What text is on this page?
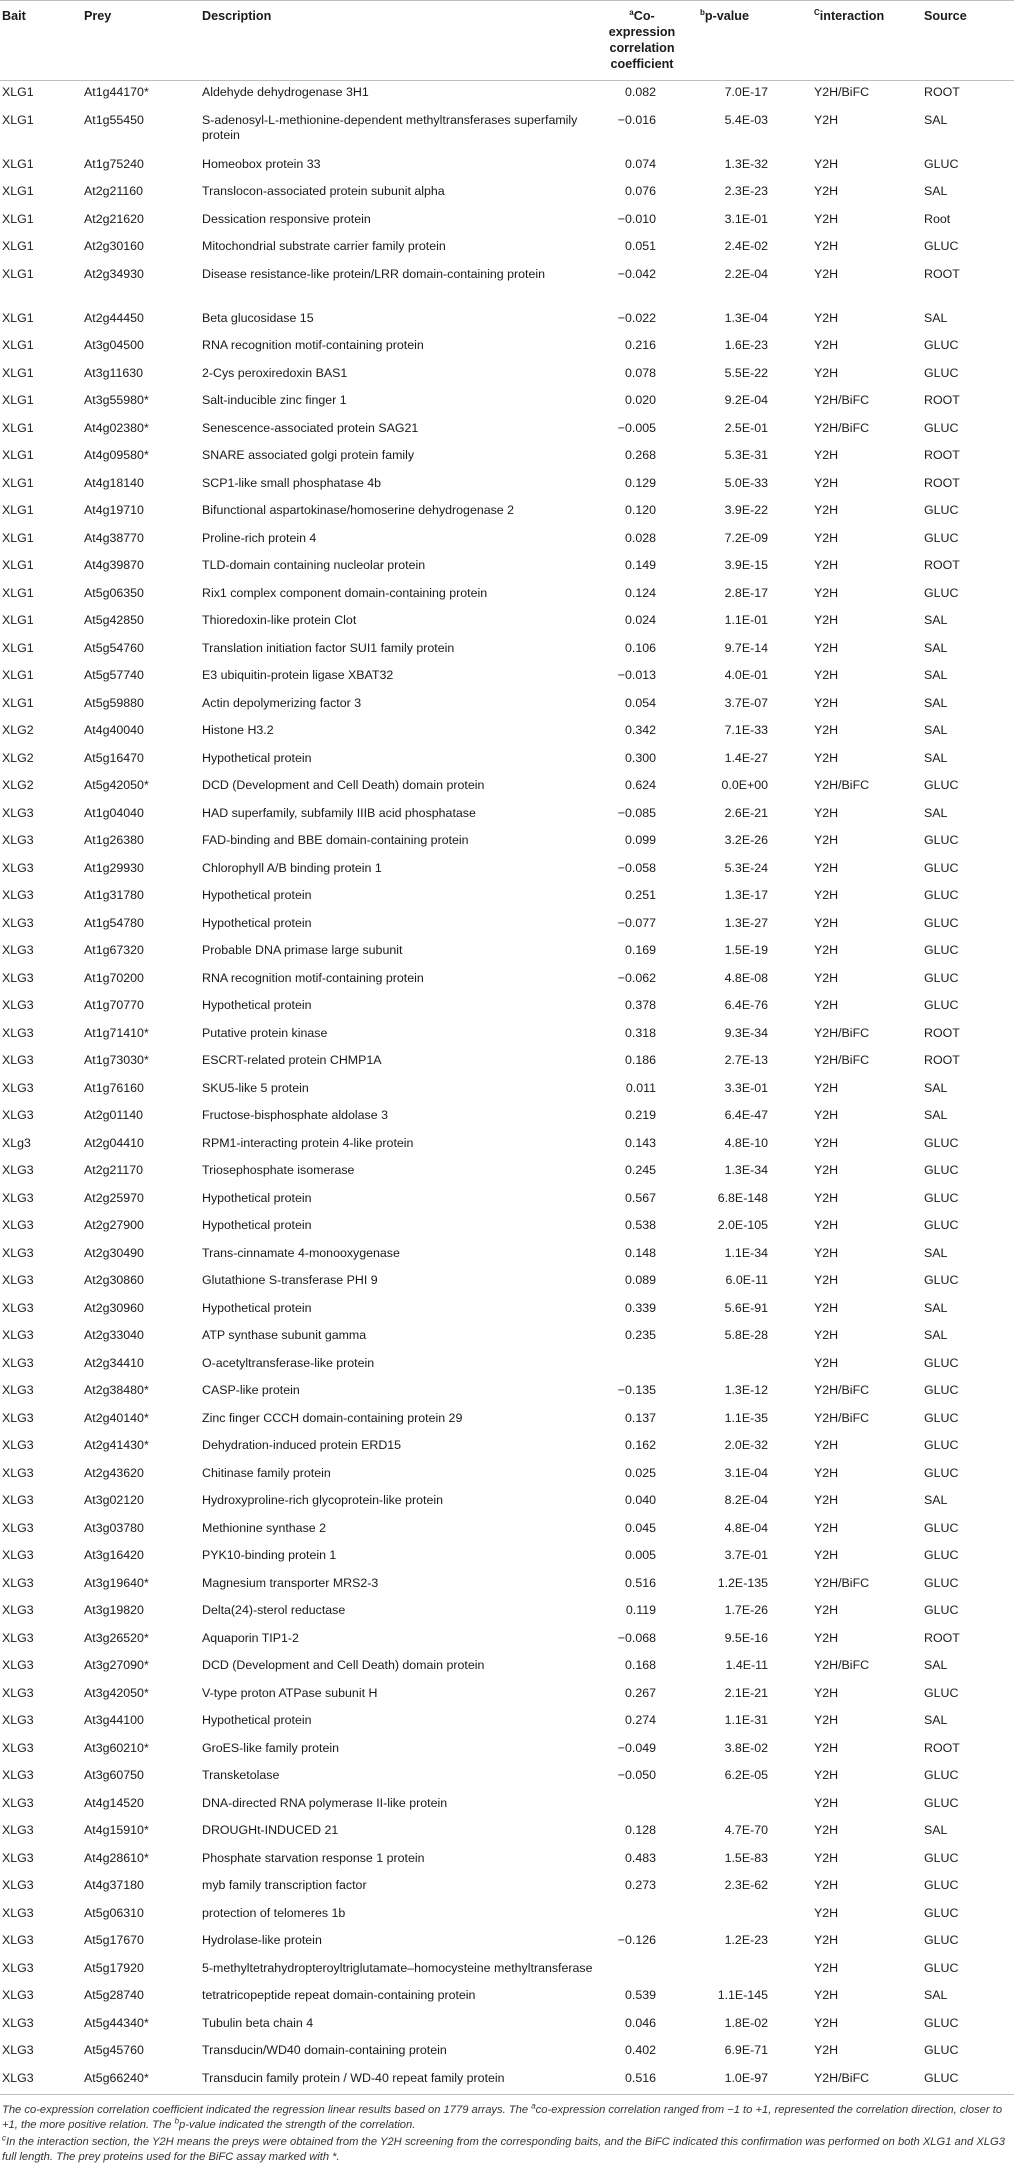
Bait	Prey	Description	$^a$Co-expression correlation coefficient	$^b$p-value	$^C$interaction	Source
XLG1	At1g44170*	Aldehyde dehydrogenase 3H1	0.082	7.0E-17	Y2H/BiFC	ROOT
XLG1	At1g55450	S-adenosyl-L-methionine-dependent methyltransferases superfamily protein	−0.016	5.4E-03	Y2H	SAL
XLG1	At1g75240	Homeobox protein 33	0.074	1.3E-32	Y2H	GLUC
XLG1	At2g21160	Translocon-associated protein subunit alpha	0.076	2.3E-23	Y2H	SAL
XLG1	At2g21620	Dessication responsive protein	−0.010	3.1E-01	Y2H	Root
XLG1	At2g30160	Mitochondrial substrate carrier family protein	0.051	2.4E-02	Y2H	GLUC
XLG1	At2g34930	Disease resistance-like protein/LRR domain-containing protein	−0.042	2.2E-04	Y2H	ROOT
XLG1	At2g44450	Beta glucosidase 15	−0.022	1.3E-04	Y2H	SAL
XLG1	At3g04500	RNA recognition motif-containing protein	0.216	1.6E-23	Y2H	GLUC
XLG1	At3g11630	2-Cys peroxiredoxin BAS1	0.078	5.5E-22	Y2H	GLUC
XLG1	At3g55980*	Salt-inducible zinc finger 1	0.020	9.2E-04	Y2H/BiFC	ROOT
XLG1	At4g02380*	Senescence-associated protein SAG21	−0.005	2.5E-01	Y2H/BiFC	GLUC
XLG1	At4g09580*	SNARE associated golgi protein family	0.268	5.3E-31	Y2H	ROOT
XLG1	At4g18140	SCP1-like small phosphatase 4b	0.129	5.0E-33	Y2H	ROOT
XLG1	At4g19710	Bifunctional aspartokinase/homoserine dehydrogenase 2	0.120	3.9E-22	Y2H	GLUC
XLG1	At4g38770	Proline-rich protein 4	0.028	7.2E-09	Y2H	GLUC
XLG1	At4g39870	TLD-domain containing nucleolar protein	0.149	3.9E-15	Y2H	ROOT
XLG1	At5g06350	Rix1 complex component domain-containing protein	0.124	2.8E-17	Y2H	GLUC
XLG1	At5g42850	Thioredoxin-like protein Clot	0.024	1.1E-01	Y2H	SAL
XLG1	At5g54760	Translation initiation factor SUI1 family protein	0.106	9.7E-14	Y2H	SAL
XLG1	At5g57740	E3 ubiquitin-protein ligase XBAT32	−0.013	4.0E-01	Y2H	SAL
XLG1	At5g59880	Actin depolymerizing factor 3	0.054	3.7E-07	Y2H	SAL
XLG2	At4g40040	Histone H3.2	0.342	7.1E-33	Y2H	SAL
XLG2	At5g16470	Hypothetical protein	0.300	1.4E-27	Y2H	SAL
XLG2	At5g42050*	DCD (Development and Cell Death) domain protein	0.624	0.0E+00	Y2H/BiFC	GLUC
XLG3	At1g04040	HAD superfamily, subfamily IIIB acid phosphatase	−0.085	2.6E-21	Y2H	SAL
XLG3	At1g26380	FAD-binding and BBE domain-containing protein	0.099	3.2E-26	Y2H	GLUC
XLG3	At1g29930	Chlorophyll A/B binding protein 1	−0.058	5.3E-24	Y2H	GLUC
XLG3	At1g31780	Hypothetical protein	0.251	1.3E-17	Y2H	GLUC
XLG3	At1g54780	Hypothetical protein	−0.077	1.3E-27	Y2H	GLUC
XLG3	At1g67320	Probable DNA primase large subunit	0.169	1.5E-19	Y2H	GLUC
XLG3	At1g70200	RNA recognition motif-containing protein	−0.062	4.8E-08	Y2H	GLUC
XLG3	At1g70770	Hypothetical protein	0.378	6.4E-76	Y2H	GLUC
XLG3	At1g71410*	Putative protein kinase	0.318	9.3E-34	Y2H/BiFC	ROOT
XLG3	At1g73030*	ESCRT-related protein CHMP1A	0.186	2.7E-13	Y2H/BiFC	ROOT
XLG3	At1g76160	SKU5-like 5 protein	0.011	3.3E-01	Y2H	SAL
XLG3	At2g01140	Fructose-bisphosphate aldolase 3	0.219	6.4E-47	Y2H	SAL
XLg3	At2g04410	RPM1-interacting protein 4-like protein	0.143	4.8E-10	Y2H	GLUC
XLG3	At2g21170	Triosephosphate isomerase	0.245	1.3E-34	Y2H	GLUC
XLG3	At2g25970	Hypothetical protein	0.567	6.8E-148	Y2H	GLUC
XLG3	At2g27900	Hypothetical protein	0.538	2.0E-105	Y2H	GLUC
XLG3	At2g30490	Trans-cinnamate 4-monooxygenase	0.148	1.1E-34	Y2H	SAL
XLG3	At2g30860	Glutathione S-transferase PHI 9	0.089	6.0E-11	Y2H	GLUC
XLG3	At2g30960	Hypothetical protein	0.339	5.6E-91	Y2H	SAL
XLG3	At2g33040	ATP synthase subunit gamma	0.235	5.8E-28	Y2H	SAL
XLG3	At2g34410	O-acetyltransferase-like protein			Y2H	GLUC
XLG3	At2g38480*	CASP-like protein	−0.135	1.3E-12	Y2H/BiFC	GLUC
XLG3	At2g40140*	Zinc finger CCCH domain-containing protein 29	0.137	1.1E-35	Y2H/BiFC	GLUC
XLG3	At2g41430*	Dehydration-induced protein ERD15	0.162	2.0E-32	Y2H	GLUC
XLG3	At2g43620	Chitinase family protein	0.025	3.1E-04	Y2H	GLUC
XLG3	At3g02120	Hydroxyproline-rich glycoprotein-like protein	0.040	8.2E-04	Y2H	SAL
XLG3	At3g03780	Methionine synthase 2	0.045	4.8E-04	Y2H	GLUC
XLG3	At3g16420	PYK10-binding protein 1	0.005	3.7E-01	Y2H	GLUC
XLG3	At3g19640*	Magnesium transporter MRS2-3	0.516	1.2E-135	Y2H/BiFC	GLUC
XLG3	At3g19820	Delta(24)-sterol reductase	0.119	1.7E-26	Y2H	GLUC
XLG3	At3g26520*	Aquaporin TIP1-2	−0.068	9.5E-16	Y2H	ROOT
XLG3	At3g27090*	DCD (Development and Cell Death) domain protein	0.168	1.4E-11	Y2H/BiFC	SAL
XLG3	At3g42050*	V-type proton ATPase subunit H	0.267	2.1E-21	Y2H	GLUC
XLG3	At3g44100	Hypothetical protein	0.274	1.1E-31	Y2H	SAL
XLG3	At3g60210*	GroES-like family protein	−0.049	3.8E-02	Y2H	ROOT
XLG3	At3g60750	Transketolase	−0.050	6.2E-05	Y2H	GLUC
XLG3	At4g14520	DNA-directed RNA polymerase II-like protein			Y2H	GLUC
XLG3	At4g15910*	DROUGHt-INDUCED 21	0.128	4.7E-70	Y2H	SAL
XLG3	At4g28610*	Phosphate starvation response 1 protein	0.483	1.5E-83	Y2H	GLUC
XLG3	At4g37180	myb family transcription factor	0.273	2.3E-62	Y2H	GLUC
XLG3	At5g06310	protection of telomeres 1b			Y2H	GLUC
XLG3	At5g17670	Hydrolase-like protein	−0.126	1.2E-23	Y2H	GLUC
XLG3	At5g17920	5-methyltetrahydropteroyltriglutamate–homocysteine methyltransferase			Y2H	GLUC
XLG3	At5g28740	tetratricopeptide repeat domain-containing protein	0.539	1.1E-145	Y2H	SAL
XLG3	At5g44340*	Tubulin beta chain 4	0.046	1.8E-02	Y2H	GLUC
XLG3	At5g45760	Transducin/WD40 domain-containing protein	0.402	6.9E-71	Y2H	GLUC
XLG3	At5g66240*	Transducin family protein / WD-40 repeat family protein	0.516	1.0E-97	Y2H/BiFC	GLUC

The co-expression correlation coefficient indicated the regression linear results based on 1779 arrays. The $^a$co-expression correlation ranged from −1 to +1, represented the correlation direction, closer to +1, the more positive relation. The $^b$p-value indicated the strength of the correlation.

$^c$In the interaction section, the Y2H means the preys were obtained from the Y2H screening from the corresponding baits, and the BiFC indicated this confirmation was performed on both XLG1 and XLG3 full length. The prey proteins used for the BiFC assay marked with *.
